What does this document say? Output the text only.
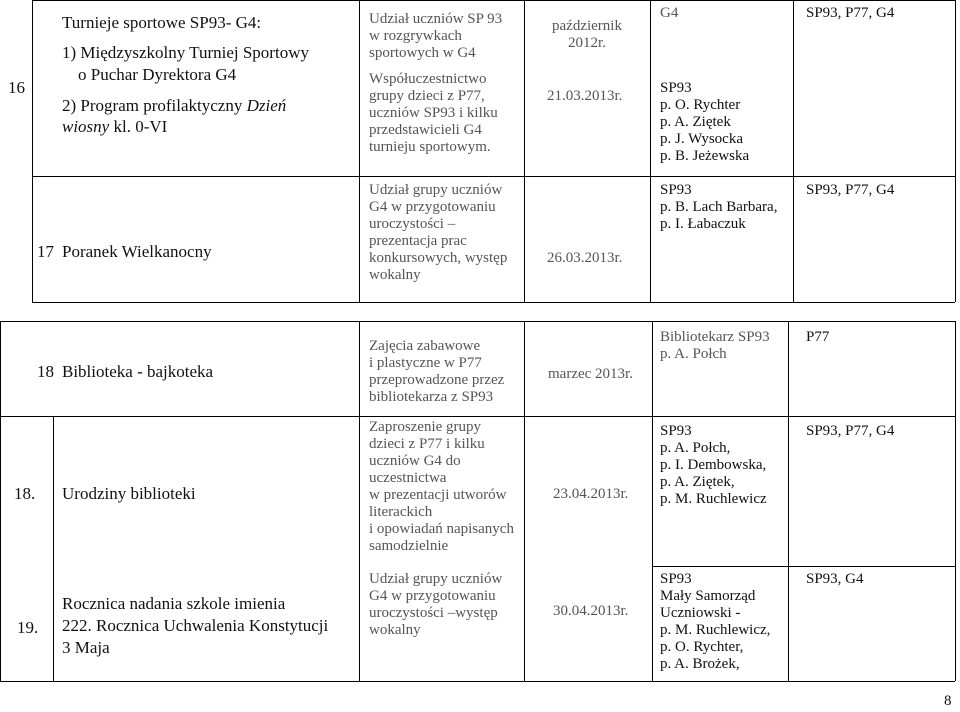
16
Turnieje sportowe SP93- G4:
1) Międzyszkolny Turniej Sportowy
o Puchar Dyrektora G4
2) Program profilaktyczny Dzień
wiosny kl. 0-VI
Udział uczniów SP 93
w rozgrywkach
sportowych w G4
Współuczestnictwo
grupy dzieci z P77,
uczniów SP93 i kilku
przedstawicieli G4
turnieju sportowym.
październik
2012r.
21.03.2013r.
G4
SP93
p. O. Rychter
p. A. Ziętek
p. J. Wysocka
p. B. Jeżewska
SP93, P77, G4
17 Poranek Wielkanocny
Udział grupy uczniów
G4 w przygotowaniu
uroczystości –
prezentacja prac
konkursowych, występ
wokalny
26.03.2013r.
SP93
p. B. Lach Barbara,
p. I. Łabaczuk
SP93, P77, G4
18 Biblioteka - bajkoteka
Zajęcia zabawowe
i plastyczne w P77
przeprowadzone przez
bibliotekarza z SP93
marzec 2013r.
Bibliotekarz SP93
p. A. Połch
P77
18. Urodziny biblioteki
Zaproszenie grupy
dzieci z P77 i kilku
uczniów G4 do
uczestnictwa
w prezentacji utworów
literackich
i opowiadań napisanych
samodzielnie
23.04.2013r.
SP93
p. A. Połch,
p. I. Dembowska,
p. A. Ziętek,
p. M. Ruchlewicz
SP93, P77, G4
19.
Rocznica nadania szkole imienia
222. Rocznica Uchwalenia Konstytucji
3 Maja
Udział grupy uczniów
G4 w przygotowaniu
uroczystości –występ
wokalny
30.04.2013r.
SP93
Mały Samorząd
Uczniowski -
p. M. Ruchlewicz,
p. O. Rychter,
p. A. Brożek,
SP93, G4
8
